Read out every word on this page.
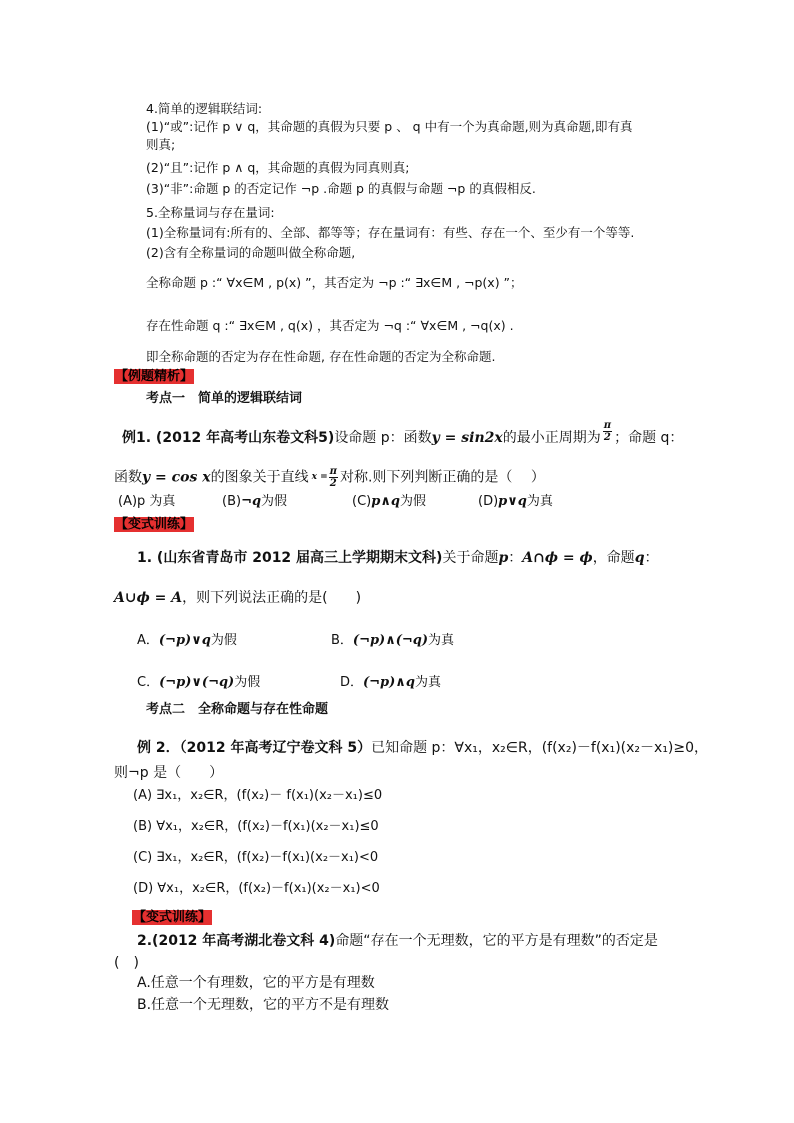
4.简单的逻辑联结词:
(1)“或”:记作 p ∨ q，其命题的真假为只要 p 、 q 中有一个为真命题,则为真命题,即有真
则真;
(2)“且”:记作 p ∧ q，其命题的真假为同真则真;
(3)“非”:命题 p 的否定记作 ¬p .命题 p 的真假与命题 ¬p 的真假相反.
5.全称量词与存在量词:
(1)全称量词有:所有的、全部、都等等；存在量词有：有些、存在一个、至少有一个等等.
(2)含有全称量词的命题叫做全称命题,
全称命题 p :“ ∀x∈M , p(x) ”，其否定为 ¬p :“ ∃x∈M , ¬p(x) ”；
存在性命题 q :“ ∃x∈M , q(x) ，其否定为 ¬q :“ ∀x∈M , ¬q(x) .
即全称命题的否定为存在性命题, 存在性命题的否定为全称命题.
【例题精析】
考点一　简单的逻辑联结词
例1. (2012 年高考山东卷文科5)设命题 p：函数y = sin2x的最小正周期为 $\frac{\pi}{2}$ ；命题 q：
函数y = cos x的图象关于直线 $x = \frac{\pi}{2}$ 对称.则下列判断正确的是（　 ）
(A)p 为真	(B)¬q为假	(C)p∧q为假	(D)p∨q为真
【变式训练】
1. (山东省青岛市 2012 届高三上学期期末文科)关于命题p：A∩ϕ = ϕ，命题q：
A∪ϕ = A，则下列说法正确的是(　　)
A．(¬p)∨q为假	B．(¬p)∧(¬q)为真
C．(¬p)∨(¬q)为假	D．(¬p)∧q为真
考点二　全称命题与存在性命题
例 2．（2012 年高考辽宁卷文科 5）已知命题 p：∀x₁，x₂∈R，(f(x₂)－f(x₁)(x₂－x₁)≥0，
则¬p 是（　　）
(A) ∃x₁，x₂∈R，(f(x₂)－ f(x₁)(x₂－x₁)≤0
(B) ∀x₁，x₂∈R，(f(x₂)－f(x₁)(x₂－x₁)≤0
(C) ∃x₁，x₂∈R，(f(x₂)－f(x₁)(x₂－x₁)<0
(D) ∀x₁，x₂∈R，(f(x₂)－f(x₁)(x₂－x₁)<0
【变式训练】
2.(2012 年高考湖北卷文科 4)命题“存在一个无理数，它的平方是有理数”的否定是
(　)
A.任意一个有理数，它的平方是有理数
B.任意一个无理数，它的平方不是有理数
